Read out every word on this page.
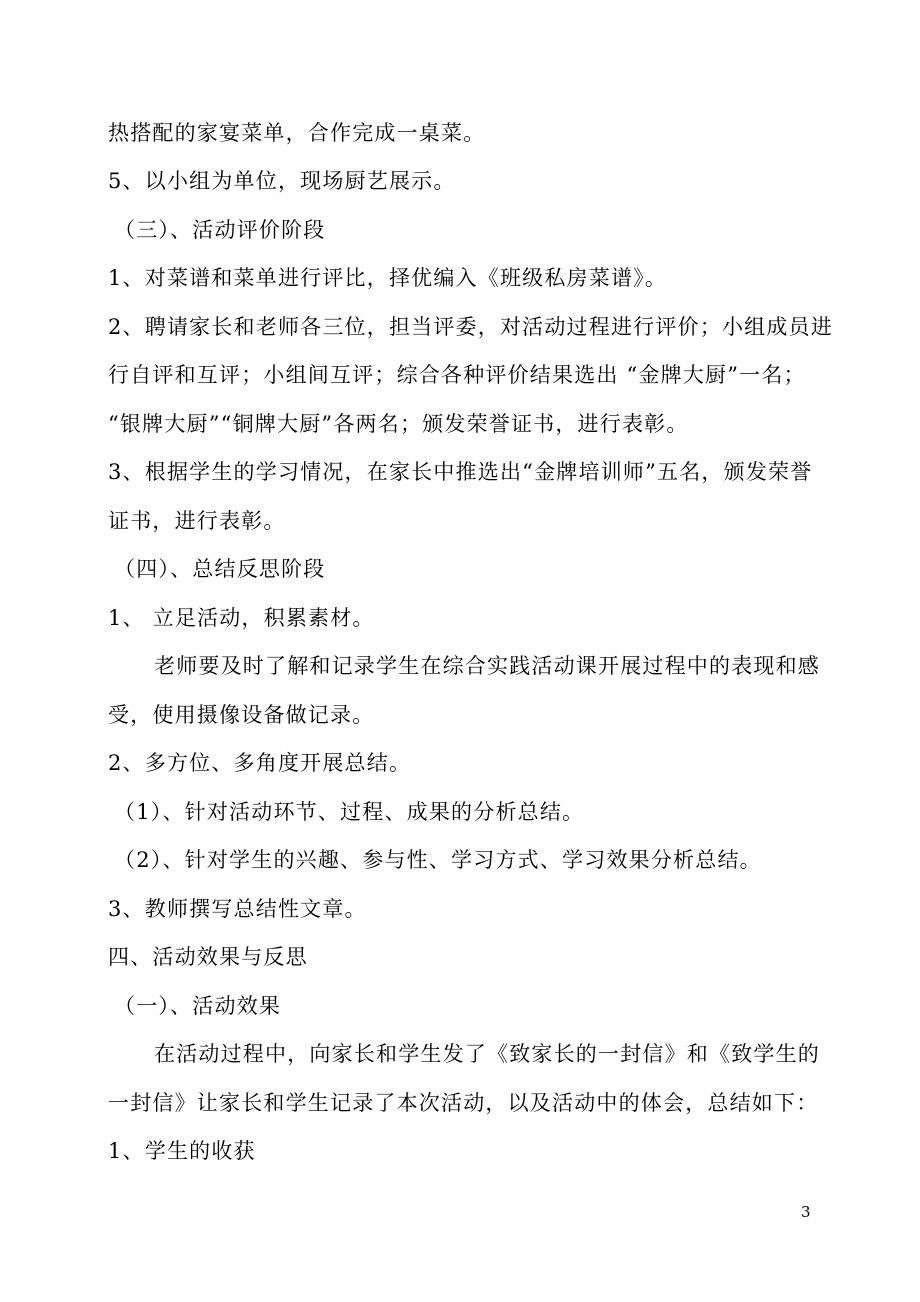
热搭配的家宴菜单，合作完成一桌菜。
5、以小组为单位，现场厨艺展示。
（三）、活动评价阶段
1、对菜谱和菜单进行评比，择优编入《班级私房菜谱》。
2、聘请家长和老师各三位，担当评委，对活动过程进行评价；小组成员进
行自评和互评；小组间互评；综合各种评价结果选出 “金牌大厨”一名；
“银牌大厨”“铜牌大厨”各两名；颁发荣誉证书，进行表彰。
3、根据学生的学习情况，在家长中推选出“金牌培训师”五名，颁发荣誉
证书，进行表彰。
（四）、总结反思阶段
1、 立足活动，积累素材。
老师要及时了解和记录学生在综合实践活动课开展过程中的表现和感
受，使用摄像设备做记录。
2、多方位、多角度开展总结。
（1）、针对活动环节、过程、成果的分析总结。
（2）、针对学生的兴趣、参与性、学习方式、学习效果分析总结。
3、教师撰写总结性文章。
四、活动效果与反思
（一）、活动效果
在活动过程中，向家长和学生发了《致家长的一封信》和《致学生的
一封信》让家长和学生记录了本次活动，以及活动中的体会，总结如下：
1、学生的收获
3
